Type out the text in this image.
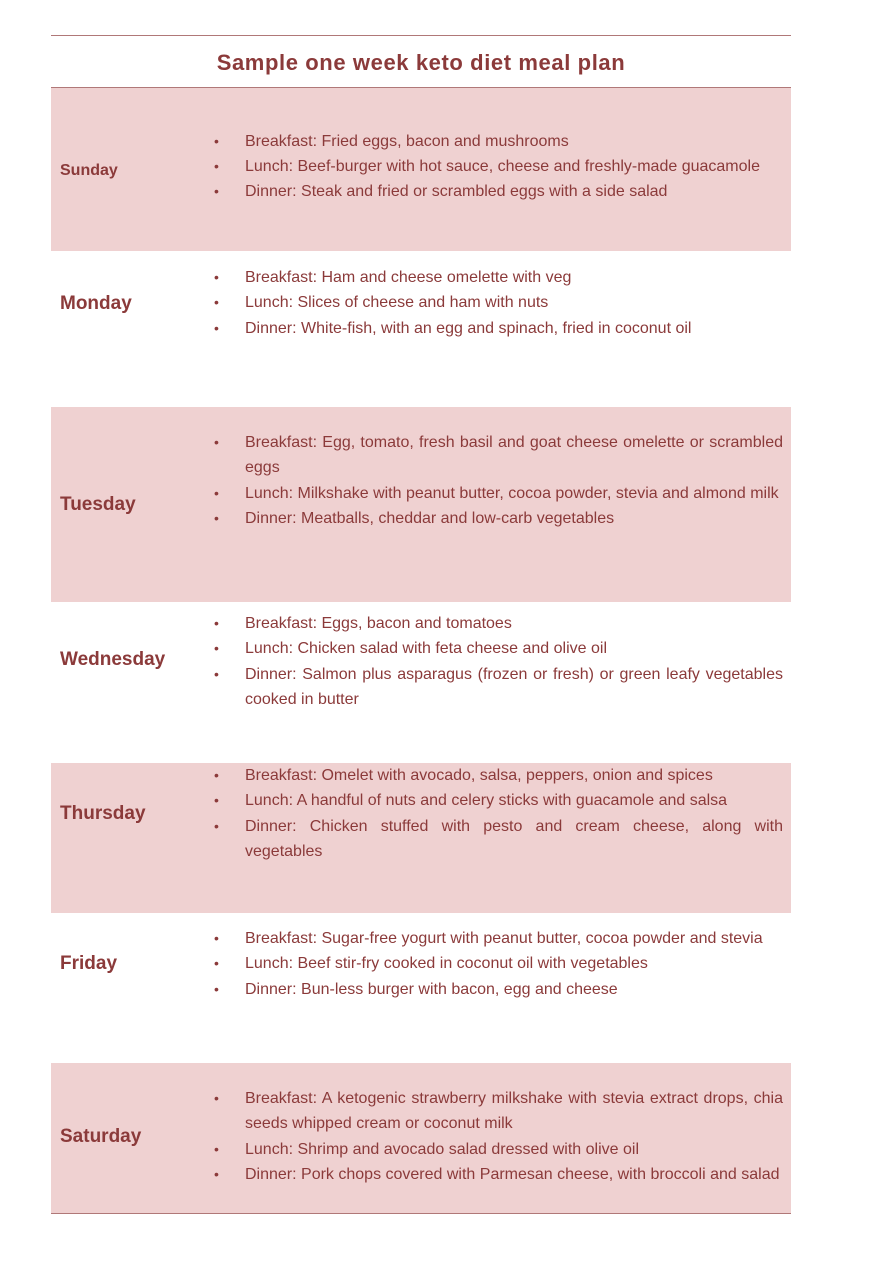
Sample one week keto diet meal plan
Sunday
• Breakfast: Fried eggs, bacon and mushrooms
• Lunch: Beef-burger with hot sauce, cheese and freshly-made guacamole
• Dinner: Steak and fried or scrambled eggs with a side salad
Monday
• Breakfast: Ham and cheese omelette with veg
• Lunch: Slices of cheese and ham with nuts
• Dinner: White-fish, with an egg and spinach, fried in coconut oil
Tuesday
• Breakfast: Egg, tomato, fresh basil and goat cheese omelette or scrambled eggs
• Lunch: Milkshake with peanut butter, cocoa powder, stevia and almond milk
• Dinner: Meatballs, cheddar and low-carb vegetables
Wednesday
• Breakfast: Eggs, bacon and tomatoes
• Lunch: Chicken salad with feta cheese and olive oil
• Dinner: Salmon plus asparagus (frozen or fresh) or green leafy vegetables cooked in butter
Thursday
• Breakfast: Omelet with avocado, salsa, peppers, onion and spices
• Lunch: A handful of nuts and celery sticks with guacamole and salsa
• Dinner: Chicken stuffed with pesto and cream cheese, along with vegetables
Friday
• Breakfast: Sugar-free yogurt with peanut butter, cocoa powder and stevia
• Lunch: Beef stir-fry cooked in coconut oil with vegetables
• Dinner: Bun-less burger with bacon, egg and cheese
Saturday
• Breakfast: A ketogenic strawberry milkshake with stevia extract drops, chia seeds whipped cream or coconut milk
• Lunch: Shrimp and avocado salad dressed with olive oil
• Dinner: Pork chops covered with Parmesan cheese, with broccoli and salad
